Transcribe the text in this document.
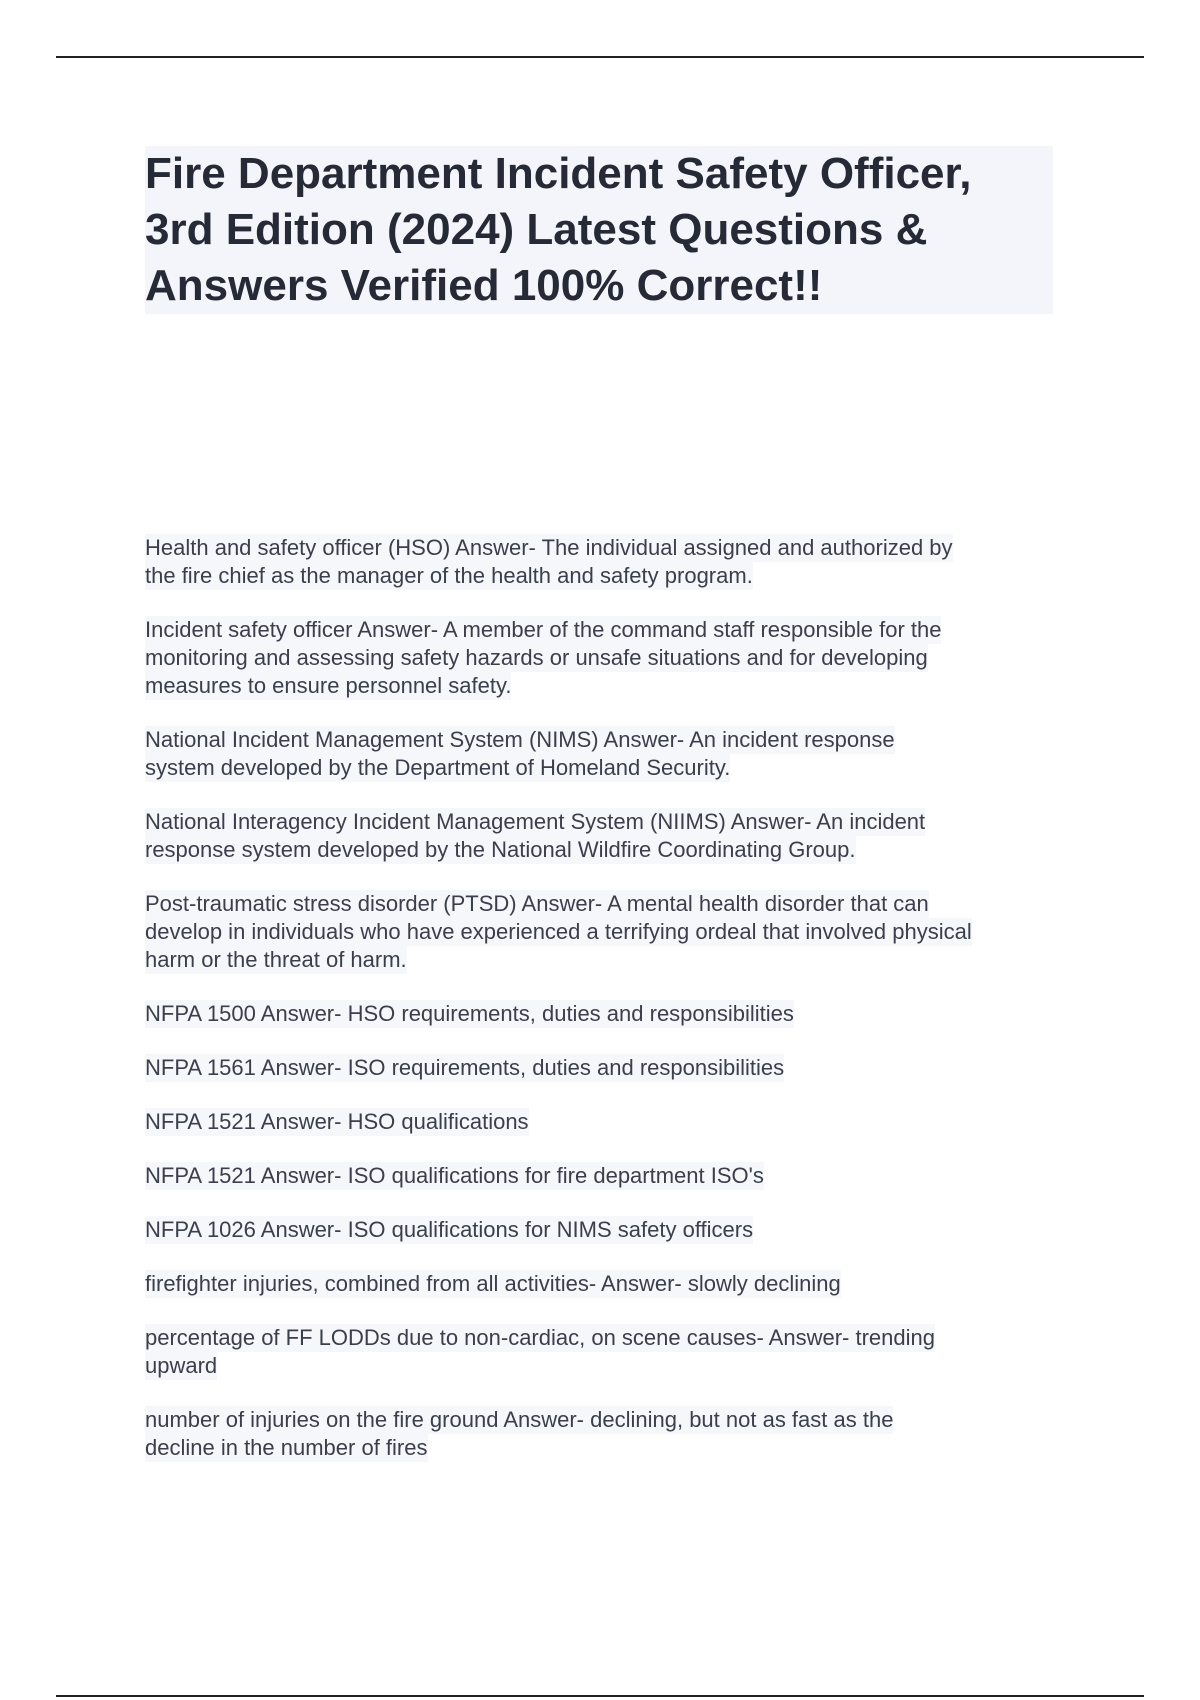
Fire Department Incident Safety Officer,
3rd Edition (2024) Latest Questions &
Answers Verified 100% Correct!!
Health and safety officer (HSO) Answer- The individual assigned and authorized by
the fire chief as the manager of the health and safety program.
Incident safety officer Answer- A member of the command staff responsible for the
monitoring and assessing safety hazards or unsafe situations and for developing
measures to ensure personnel safety.
National Incident Management System (NIMS) Answer- An incident response
system developed by the Department of Homeland Security.
National Interagency Incident Management System (NIIMS) Answer- An incident
response system developed by the National Wildfire Coordinating Group.
Post-traumatic stress disorder (PTSD) Answer- A mental health disorder that can
develop in individuals who have experienced a terrifying ordeal that involved physical
harm or the threat of harm.
NFPA 1500 Answer- HSO requirements, duties and responsibilities
NFPA 1561 Answer- ISO requirements, duties and responsibilities
NFPA 1521 Answer- HSO qualifications
NFPA 1521 Answer- ISO qualifications for fire department ISO's
NFPA 1026 Answer- ISO qualifications for NIMS safety officers
firefighter injuries, combined from all activities- Answer- slowly declining
percentage of FF LODDs due to non-cardiac, on scene causes- Answer- trending
upward
number of injuries on the fire ground Answer- declining, but not as fast as the
decline in the number of fires
